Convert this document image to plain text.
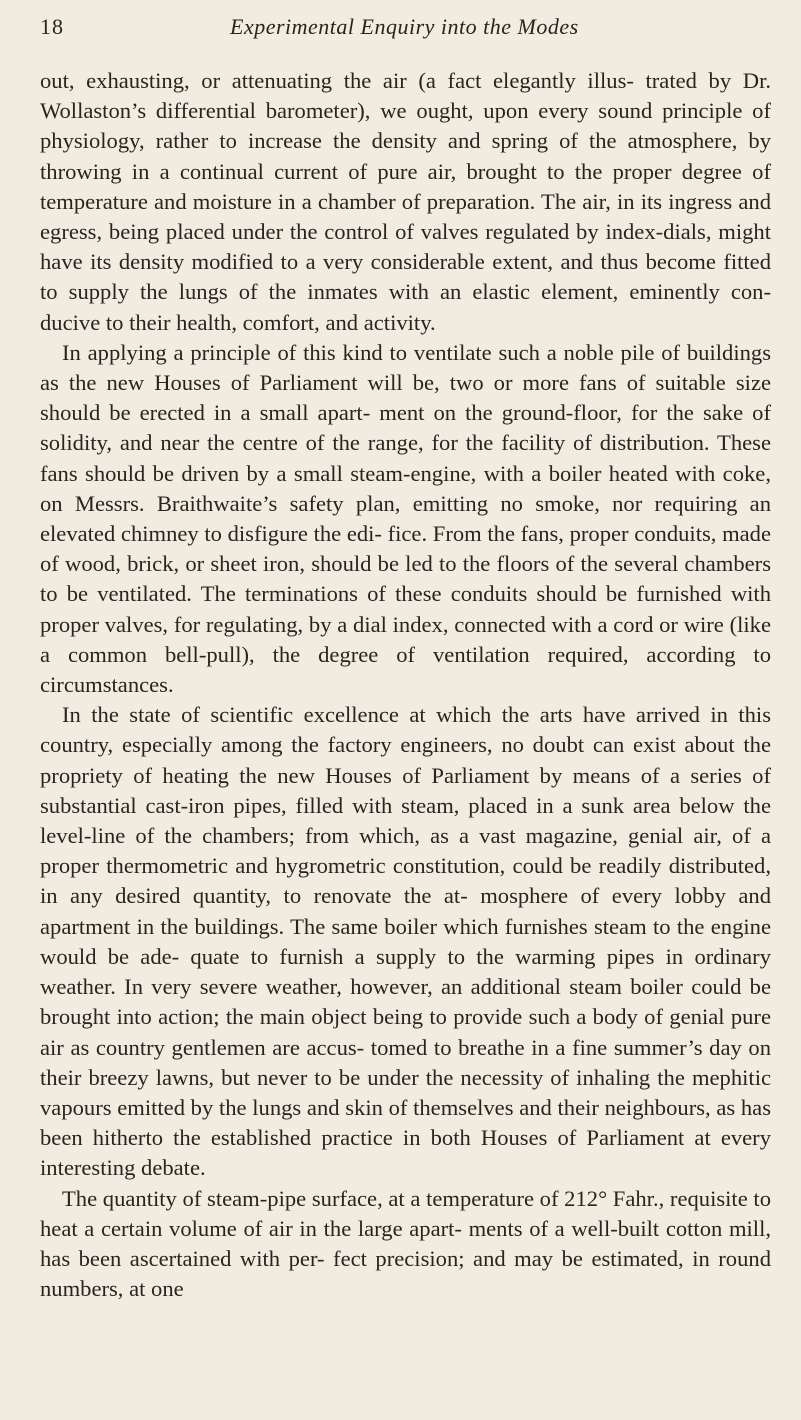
18	Experimental Enquiry into the Modes

out, exhausting, or attenuating the air (a fact elegantly illus- trated by Dr. Wollaston’s differential barometer), we ought, upon every sound principle of physiology, rather to increase the density and spring of the atmosphere, by throwing in a continual current of pure air, brought to the proper degree of temperature and moisture in a chamber of preparation. The air, in its ingress and egress, being placed under the control of valves regulated by index-dials, might have its density modified to a very considerable extent, and thus become fitted to supply the lungs of the inmates with an elastic element, eminently con- ducive to their health, comfort, and activity.

In applying a principle of this kind to ventilate such a noble pile of buildings as the new Houses of Parliament will be, two or more fans of suitable size should be erected in a small apart- ment on the ground-floor, for the sake of solidity, and near the centre of the range, for the facility of distribution. These fans should be driven by a small steam-engine, with a boiler heated with coke, on Messrs. Braithwaite’s safety plan, emitting no smoke, nor requiring an elevated chimney to disfigure the edi- fice. From the fans, proper conduits, made of wood, brick, or sheet iron, should be led to the floors of the several chambers to be ventilated. The terminations of these conduits should be furnished with proper valves, for regulating, by a dial index, connected with a cord or wire (like a common bell-pull), the degree of ventilation required, according to circumstances.

In the state of scientific excellence at which the arts have arrived in this country, especially among the factory engineers, no doubt can exist about the propriety of heating the new Houses of Parliament by means of a series of substantial cast-iron pipes, filled with steam, placed in a sunk area below the level-line of the chambers; from which, as a vast magazine, genial air, of a proper thermometric and hygrometric constitution, could be readily distributed, in any desired quantity, to renovate the at- mosphere of every lobby and apartment in the buildings. The same boiler which furnishes steam to the engine would be ade- quate to furnish a supply to the warming pipes in ordinary weather. In very severe weather, however, an additional steam boiler could be brought into action; the main object being to provide such a body of genial pure air as country gentlemen are accus- tomed to breathe in a fine summer’s day on their breezy lawns, but never to be under the necessity of inhaling the mephitic vapours emitted by the lungs and skin of themselves and their neighbours, as has been hitherto the established practice in both Houses of Parliament at every interesting debate.

The quantity of steam-pipe surface, at a temperature of 212° Fahr., requisite to heat a certain volume of air in the large apart- ments of a well-built cotton mill, has been ascertained with per- fect precision; and may be estimated, in round numbers, at one
